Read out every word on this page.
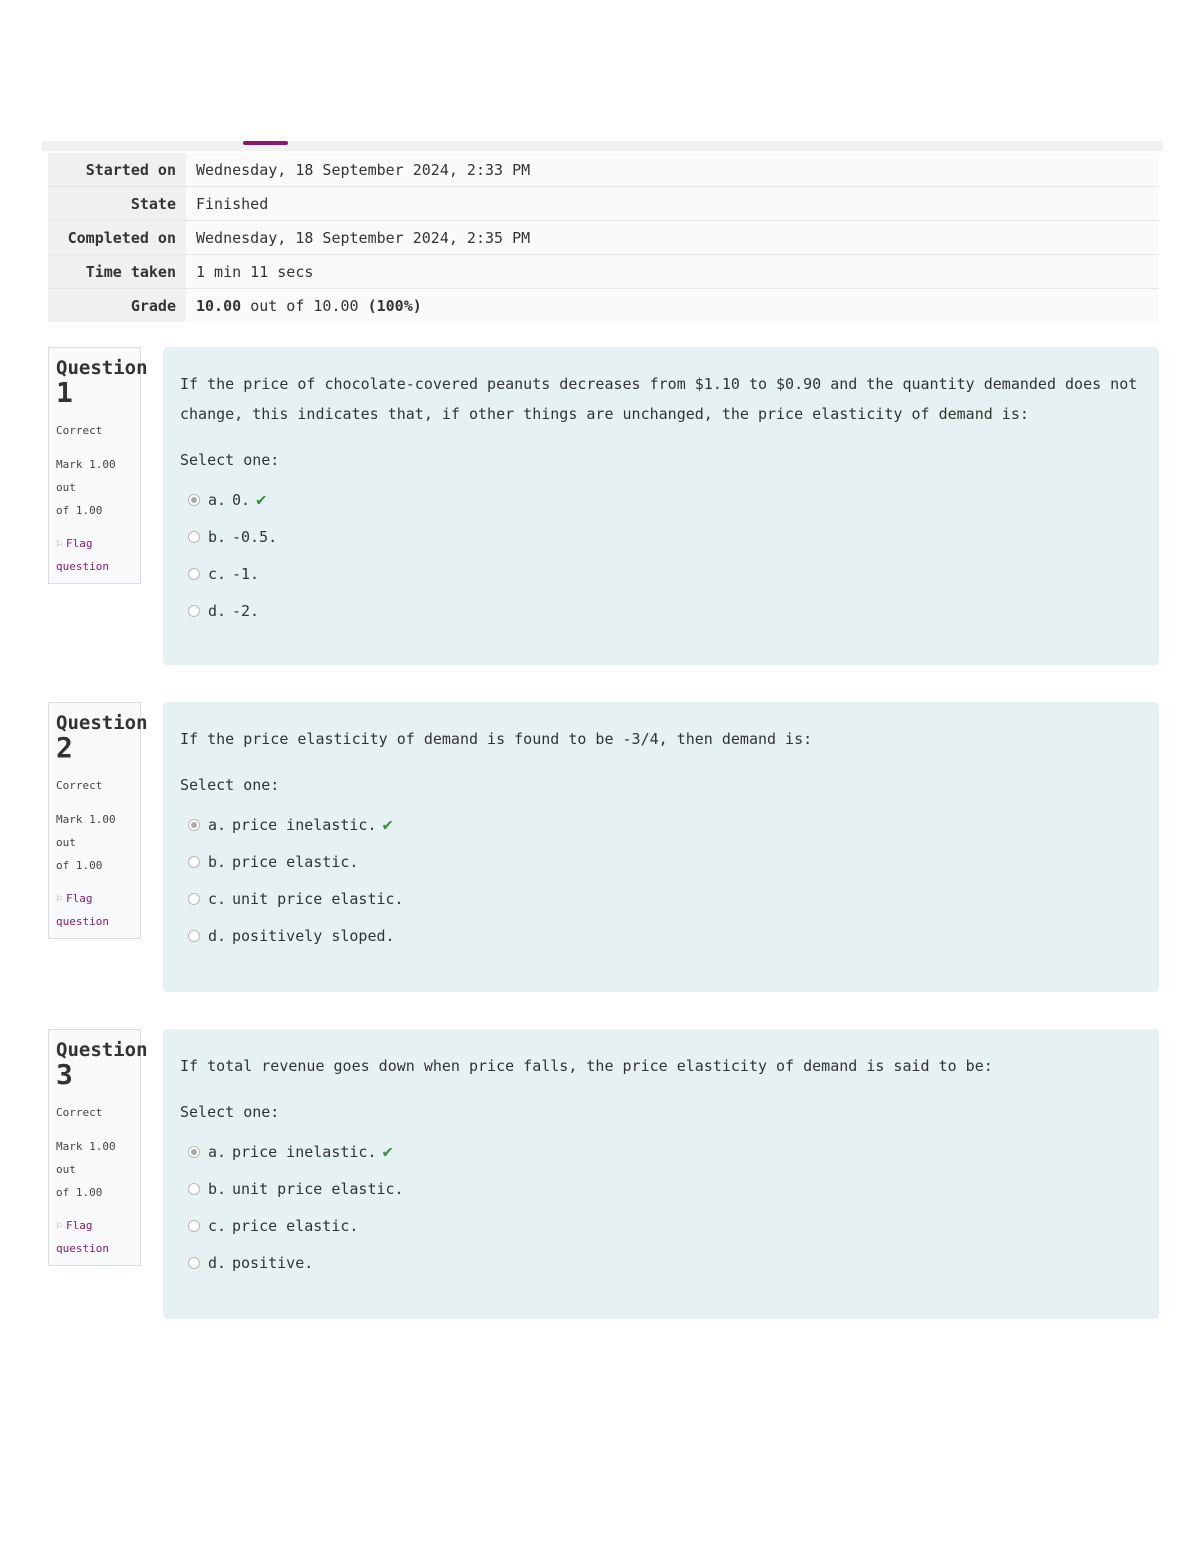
Started on	Wednesday, 18 September 2024, 2:33 PM
State	Finished
Completed on	Wednesday, 18 September 2024, 2:35 PM
Time taken	1 min 11 secs
Grade	10.00 out of 10.00 (100%)
Question
1
Correct
Mark 1.00 out
of 1.00
⚐ Flag
question

If the price of chocolate-covered peanuts decreases from $1.10 to $0.90 and the quantity demanded does not change, this indicates that, if other things are unchanged, the price elasticity of demand is:

Select one:
a. 0. ✔
b. -0.5.
c. -1.
d. -2.
Question
2
Correct
Mark 1.00 out
of 1.00
⚐ Flag
question

If the price elasticity of demand is found to be -3/4, then demand is:

Select one:
a. price inelastic. ✔
b. price elastic.
c. unit price elastic.
d. positively sloped.
Question
3
Correct
Mark 1.00 out
of 1.00
⚐ Flag
question

If total revenue goes down when price falls, the price elasticity of demand is said to be:

Select one:
a. price inelastic. ✔
b. unit price elastic.
c. price elastic.
d. positive.
